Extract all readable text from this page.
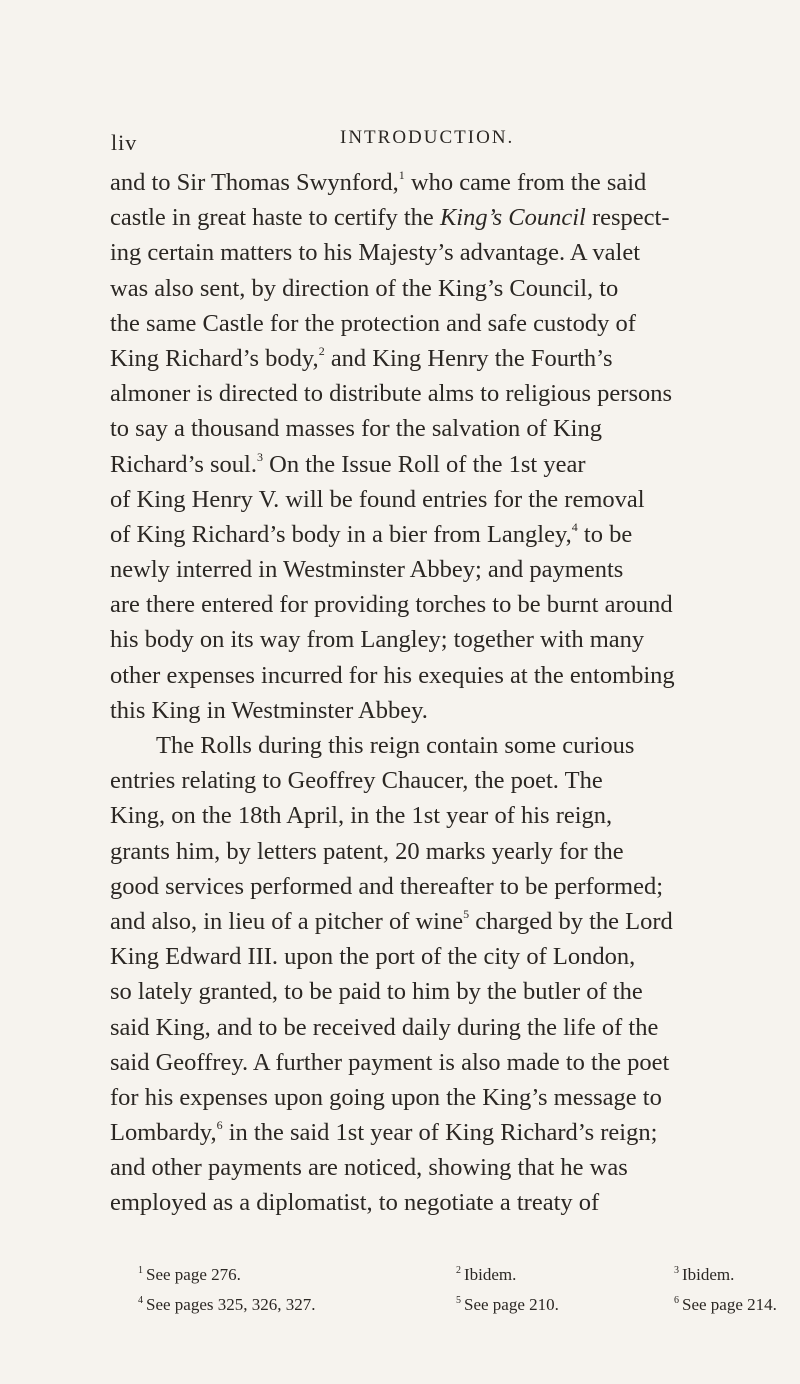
liv	INTRODUCTION.
and to Sir Thomas Swynford,$^1$ who came from the said
castle in great haste to certify the King’s Council respect-
ing certain matters to his Majesty’s advantage. A valet
was also sent, by direction of the King’s Council, to
the same Castle for the protection and safe custody of
King Richard’s body,$^2$ and King Henry the Fourth’s
almoner is directed to distribute alms to religious persons
to say a thousand masses for the salvation of King
Richard’s soul.$^3$ On the Issue Roll of the 1st year
of King Henry V. will be found entries for the removal
of King Richard’s body in a bier from Langley,$^4$ to be
newly interred in Westminster Abbey; and payments
are there entered for providing torches to be burnt around
his body on its way from Langley; together with many
other expenses incurred for his exequies at the entombing
this King in Westminster Abbey.
The Rolls during this reign contain some curious
entries relating to Geoffrey Chaucer, the poet. The
King, on the 18th April, in the 1st year of his reign,
grants him, by letters patent, 20 marks yearly for the
good services performed and thereafter to be performed;
and also, in lieu of a pitcher of wine$^5$ charged by the Lord
King Edward III. upon the port of the city of London,
so lately granted, to be paid to him by the butler of the
said King, and to be received daily during the life of the
said Geoffrey. A further payment is also made to the poet
for his expenses upon going upon the King’s message to
Lombardy,$^6$ in the said 1st year of King Richard’s reign;
and other payments are noticed, showing that he was
employed as a diplomatist, to negotiate a treaty of
$^1$ See page 276.	$^2$ Ibidem.	$^3$ Ibidem.
$^4$ See pages 325, 326, 327.	$^5$ See page 210.	$^6$ See page 214.
